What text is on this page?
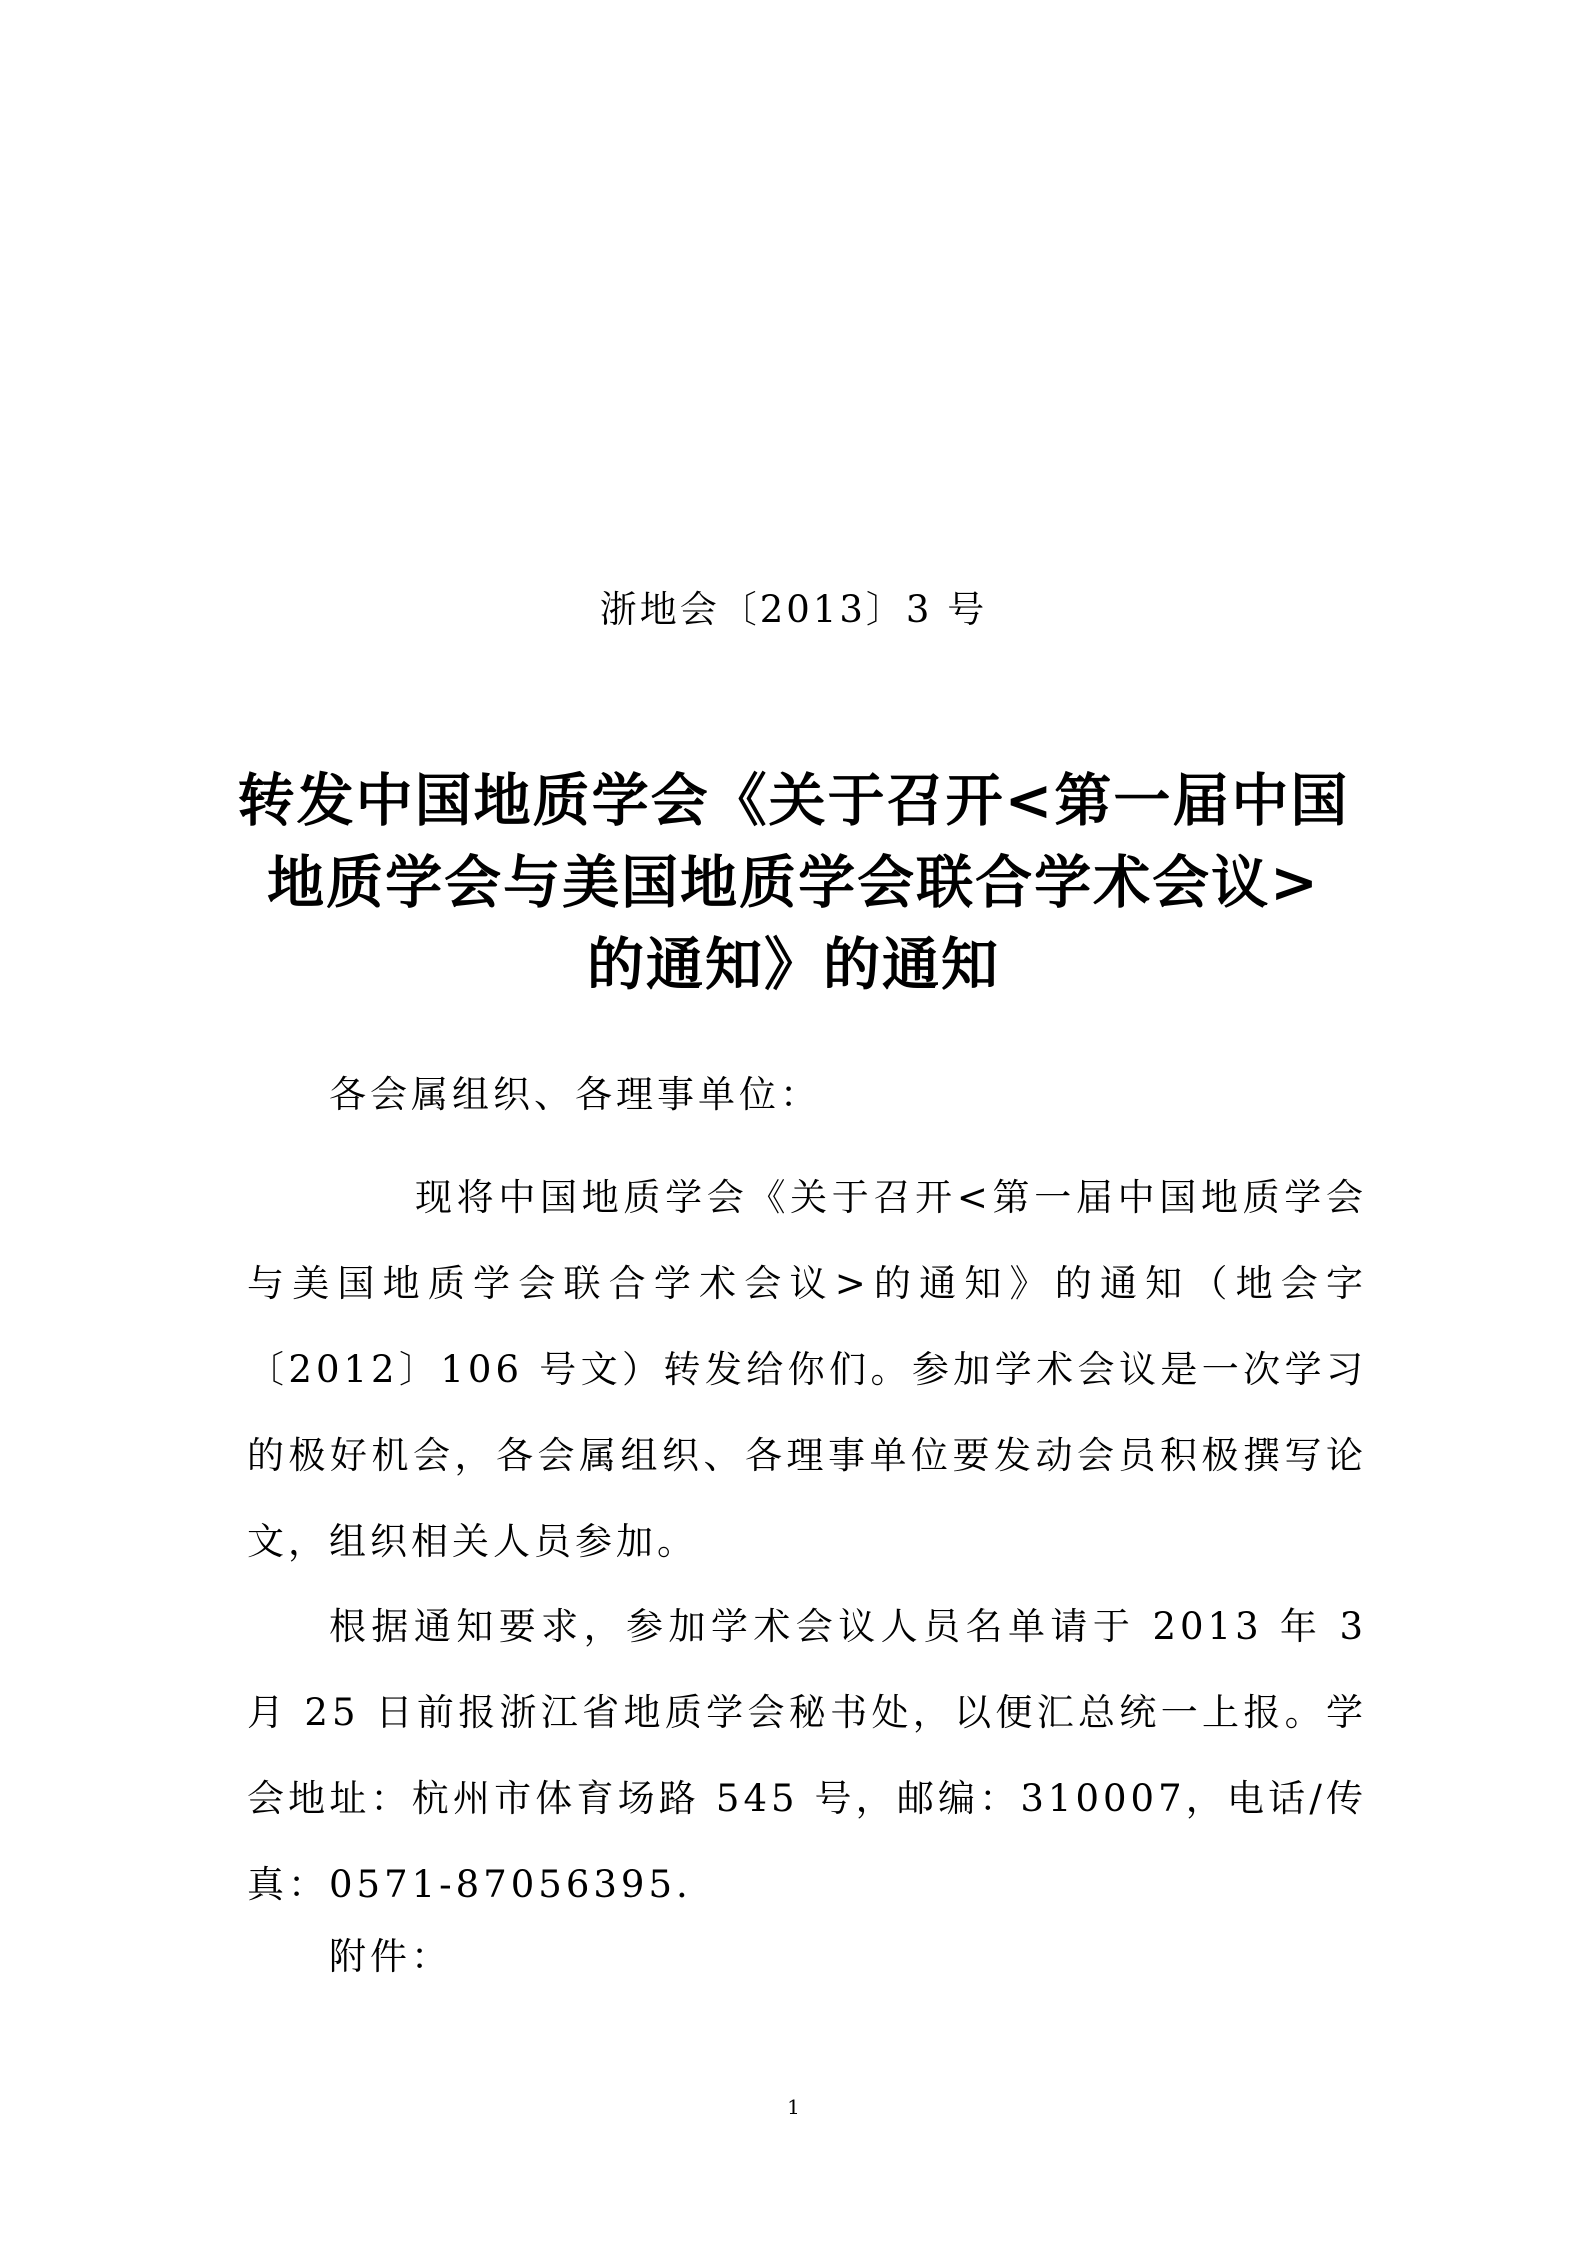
浙地会〔2013〕3 号

转发中国地质学会《关于召开<第一届中国
地质学会与美国地质学会联合学术会议>
的通知》的通知

各会属组织、各理事单位：

现将中国地质学会《关于召开<第一届中国地质学会与美国地质学会联合学术会议>的通知》的通知（地会字〔2012〕106 号文）转发给你们。参加学术会议是一次学习的极好机会，各会属组织、各理事单位要发动会员积极撰写论文，组织相关人员参加。

根据通知要求，参加学术会议人员名单请于 2013 年 3 月 25 日前报浙江省地质学会秘书处，以便汇总统一上报。学会地址：杭州市体育场路 545 号，邮编：310007，电话/传真：0571-87056395.

附件：

1
